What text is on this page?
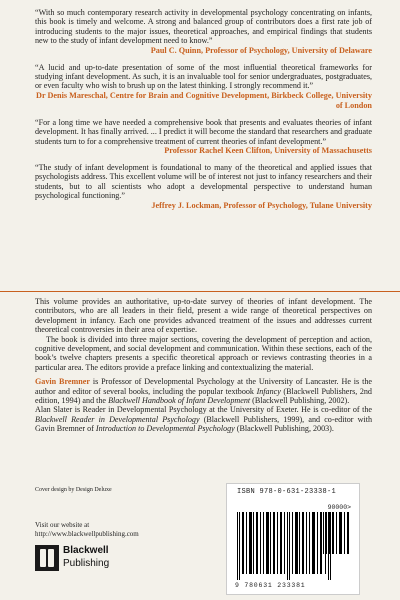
“With so much contemporary research activity in developmental psychology concentrating on infants, this book is timely and welcome. A strong and balanced group of contributors does a first rate job of introducing students to the major issues, theoretical approaches, and empirical findings that students new to the study of infant development need to know.”

Paul C. Quinn, Professor of Psychology, University of Delaware

“A lucid and up-to-date presentation of some of the most influential theoretical frameworks for studying infant development. As such, it is an invaluable tool for senior undergraduates, postgraduates, or even faculty who wish to brush up on the latest thinking. I strongly recommend it.”

Dr Denis Mareschal, Centre for Brain and Cognitive Development, Birkbeck College, University of London

“For a long time we have needed a comprehensive book that presents and evaluates theories of infant development. It has finally arrived. ... I predict it will become the standard that researchers and graduate students turn to for a comprehensive treatment of current theories of infant development.”

Professor Rachel Keen Clifton, University of Massachusetts

“The study of infant development is foundational to many of the theoretical and applied issues that psychologists address. This excellent volume will be of interest not just to infancy researchers and their students, but to all scientists who adopt a developmental perspective to understand human psychological functioning.”

Jeffrey J. Lockman, Professor of Psychology, Tulane University

This volume provides an authoritative, up-to-date survey of theories of infant development. The contributors, who are all leaders in their field, present a wide range of theoretical perspectives on development in infancy. Each one provides advanced treatment of the issues and addresses current theoretical controversies in their area of expertise.

The book is divided into three major sections, covering the development of perception and action, cognitive development, and social development and communication. Within these sections, each of the book’s twelve chapters presents a specific theoretical approach or reviews contrasting theories in a particular area. The editors provide a preface linking and contextualizing the material.

Gavin Bremner is Professor of Developmental Psychology at the University of Lancaster. He is the author and editor of several books, including the popular textbook Infancy (Blackwell Publishers, 2nd edition, 1994) and the Blackwell Handbook of Infant Development (Blackwell Publishing, 2002).

Alan Slater is Reader in Developmental Psychology at the University of Exeter. He is co-editor of the Blackwell Reader in Developmental Psychology (Blackwell Publishers, 1999), and co-editor with Gavin Bremner of Introduction to Developmental Psychology (Blackwell Publishing, 2003).

Cover design by Design Deluxe
Visit our website at
http://www.blackwellpublishing.com
Blackwell
Publishing
ISBN 978-0-631-23338-1
90000>
9 780631 233381
